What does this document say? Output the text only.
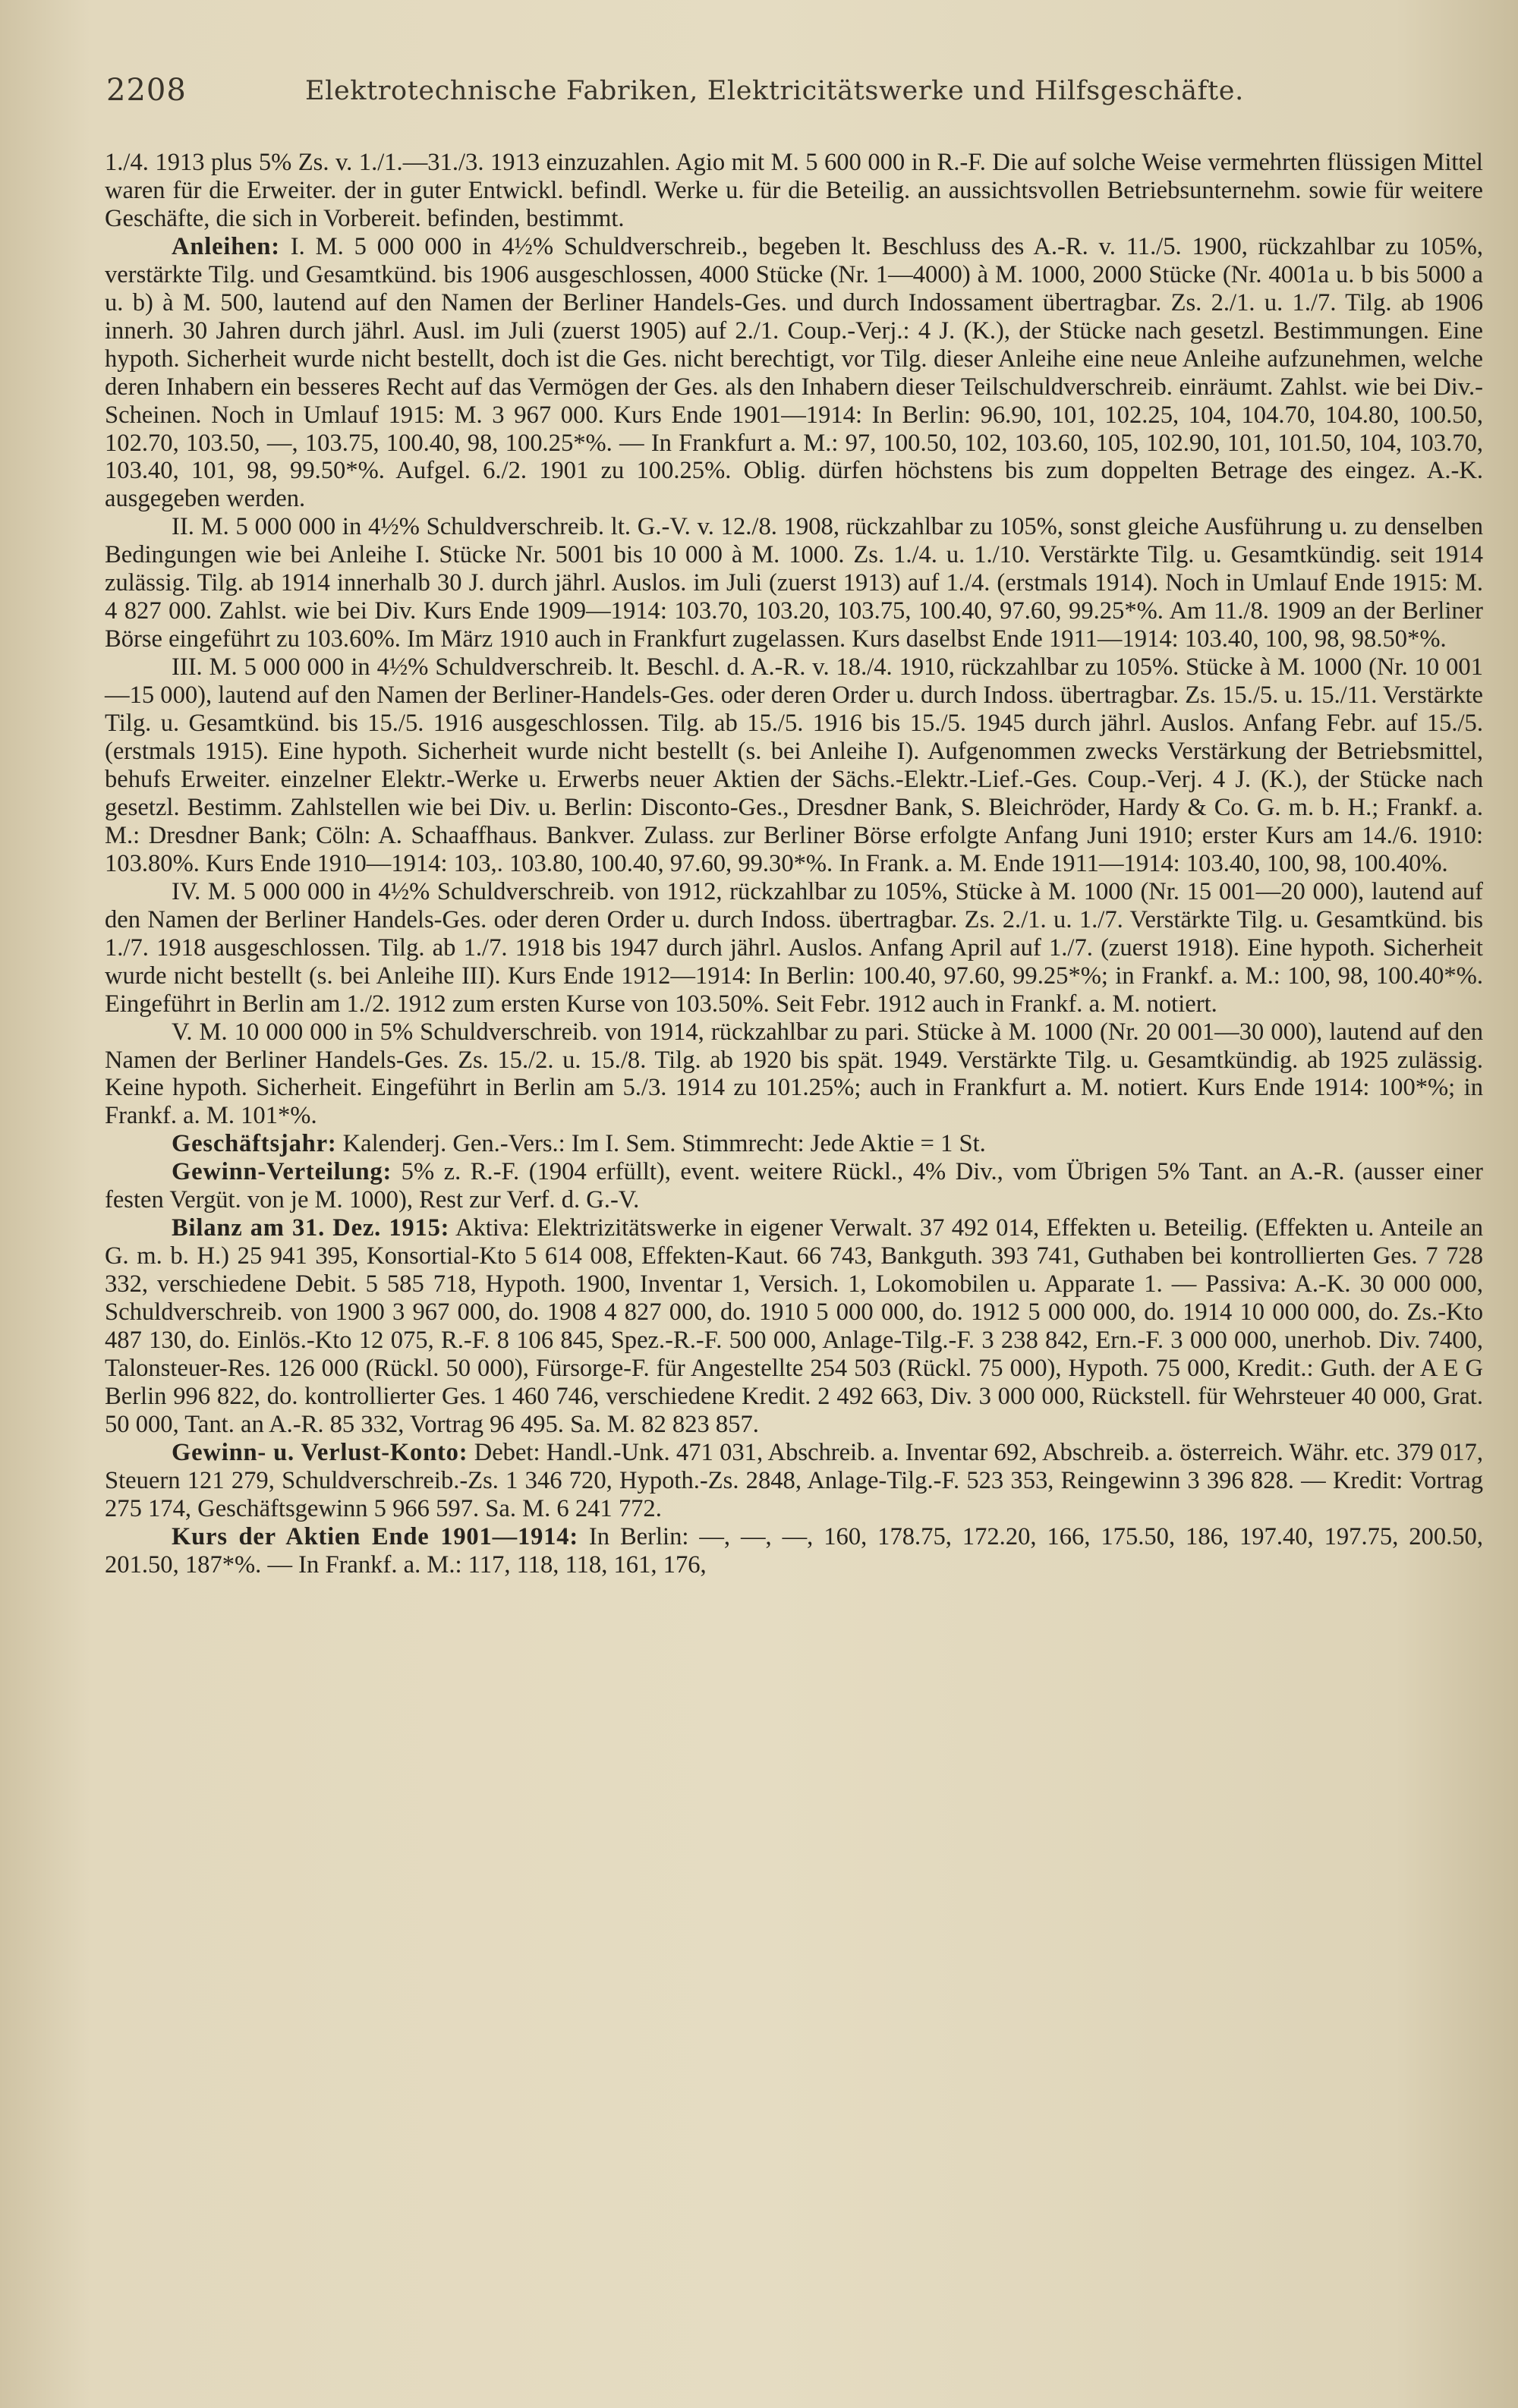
2208	Elektrotechnische Fabriken, Elektricitätswerke und Hilfsgeschäfte.

1./4. 1913 plus 5% Zs. v. 1./1.—31./3. 1913 einzuzahlen. Agio mit M. 5 600 000 in R.-F. Die auf solche Weise vermehrten flüssigen Mittel waren für die Erweiter. der in guter Entwickl. befindl. Werke u. für die Beteilig. an aussichtsvollen Betriebsunternehm. sowie für weitere Geschäfte, die sich in Vorbereit. befinden, bestimmt.

Anleihen: I. M. 5 000 000 in 4½% Schuldverschreib., begeben lt. Beschluss des A.-R. v. 11./5. 1900, rückzahlbar zu 105%, verstärkte Tilg. und Gesamtkünd. bis 1906 ausgeschlossen, 4000 Stücke (Nr. 1—4000) à M. 1000, 2000 Stücke (Nr. 4001a u. b bis 5000 a u. b) à M. 500, lautend auf den Namen der Berliner Handels-Ges. und durch Indossament übertragbar. Zs. 2./1. u. 1./7. Tilg. ab 1906 innerh. 30 Jahren durch jährl. Ausl. im Juli (zuerst 1905) auf 2./1. Coup.-Verj.: 4 J. (K.), der Stücke nach gesetzl. Bestimmungen. Eine hypoth. Sicherheit wurde nicht bestellt, doch ist die Ges. nicht berechtigt, vor Tilg. dieser Anleihe eine neue Anleihe aufzunehmen, welche deren Inhabern ein besseres Recht auf das Vermögen der Ges. als den Inhabern dieser Teilschuldverschreib. einräumt. Zahlst. wie bei Div.-Scheinen. Noch in Umlauf 1915: M. 3 967 000. Kurs Ende 1901—1914: In Berlin: 96.90, 101, 102.25, 104, 104.70, 104.80, 100.50, 102.70, 103.50, —, 103.75, 100.40, 98, 100.25*%. — In Frankfurt a. M.: 97, 100.50, 102, 103.60, 105, 102.90, 101, 101.50, 104, 103.70, 103.40, 101, 98, 99.50*%. Aufgel. 6./2. 1901 zu 100.25%. Oblig. dürfen höchstens bis zum doppelten Betrage des eingez. A.-K. ausgegeben werden.

II. M. 5 000 000 in 4½% Schuldverschreib. lt. G.-V. v. 12./8. 1908, rückzahlbar zu 105%, sonst gleiche Ausführung u. zu denselben Bedingungen wie bei Anleihe I. Stücke Nr. 5001 bis 10 000 à M. 1000. Zs. 1./4. u. 1./10. Verstärkte Tilg. u. Gesamtkündig. seit 1914 zulässig. Tilg. ab 1914 innerhalb 30 J. durch jährl. Auslos. im Juli (zuerst 1913) auf 1./4. (erstmals 1914). Noch in Umlauf Ende 1915: M. 4 827 000. Zahlst. wie bei Div. Kurs Ende 1909—1914: 103.70, 103.20, 103.75, 100.40, 97.60, 99.25*%. Am 11./8. 1909 an der Berliner Börse eingeführt zu 103.60%. Im März 1910 auch in Frankfurt zugelassen. Kurs daselbst Ende 1911—1914: 103.40, 100, 98, 98.50*%.

III. M. 5 000 000 in 4½% Schuldverschreib. lt. Beschl. d. A.-R. v. 18./4. 1910, rückzahlbar zu 105%. Stücke à M. 1000 (Nr. 10 001—15 000), lautend auf den Namen der Berliner-Handels-Ges. oder deren Order u. durch Indoss. übertragbar. Zs. 15./5. u. 15./11. Verstärkte Tilg. u. Gesamtkünd. bis 15./5. 1916 ausgeschlossen. Tilg. ab 15./5. 1916 bis 15./5. 1945 durch jährl. Auslos. Anfang Febr. auf 15./5. (erstmals 1915). Eine hypoth. Sicherheit wurde nicht bestellt (s. bei Anleihe I). Aufgenommen zwecks Verstärkung der Betriebsmittel, behufs Erweiter. einzelner Elektr.-Werke u. Erwerbs neuer Aktien der Sächs.-Elektr.-Lief.-Ges. Coup.-Verj. 4 J. (K.), der Stücke nach gesetzl. Bestimm. Zahlstellen wie bei Div. u. Berlin: Disconto-Ges., Dresdner Bank, S. Bleichröder, Hardy & Co. G. m. b. H.; Frankf. a. M.: Dresdner Bank; Cöln: A. Schaaffhaus. Bankver. Zulass. zur Berliner Börse erfolgte Anfang Juni 1910; erster Kurs am 14./6. 1910: 103.80%. Kurs Ende 1910—1914: 103,. 103.80, 100.40, 97.60, 99.30*%. In Frank. a. M. Ende 1911—1914: 103.40, 100, 98, 100.40%.

IV. M. 5 000 000 in 4½% Schuldverschreib. von 1912, rückzahlbar zu 105%, Stücke à M. 1000 (Nr. 15 001—20 000), lautend auf den Namen der Berliner Handels-Ges. oder deren Order u. durch Indoss. übertragbar. Zs. 2./1. u. 1./7. Verstärkte Tilg. u. Gesamtkünd. bis 1./7. 1918 ausgeschlossen. Tilg. ab 1./7. 1918 bis 1947 durch jährl. Auslos. Anfang April auf 1./7. (zuerst 1918). Eine hypoth. Sicherheit wurde nicht bestellt (s. bei Anleihe III). Kurs Ende 1912—1914: In Berlin: 100.40, 97.60, 99.25*%; in Frankf. a. M.: 100, 98, 100.40*%. Eingeführt in Berlin am 1./2. 1912 zum ersten Kurse von 103.50%. Seit Febr. 1912 auch in Frankf. a. M. notiert.

V. M. 10 000 000 in 5% Schuldverschreib. von 1914, rückzahlbar zu pari. Stücke à M. 1000 (Nr. 20 001—30 000), lautend auf den Namen der Berliner Handels-Ges. Zs. 15./2. u. 15./8. Tilg. ab 1920 bis spät. 1949. Verstärkte Tilg. u. Gesamtkündig. ab 1925 zulässig. Keine hypoth. Sicherheit. Eingeführt in Berlin am 5./3. 1914 zu 101.25%; auch in Frankfurt a. M. notiert. Kurs Ende 1914: 100*%; in Frankf. a. M. 101*%.

Geschäftsjahr: Kalenderj. Gen.-Vers.: Im I. Sem. Stimmrecht: Jede Aktie = 1 St.

Gewinn-Verteilung: 5% z. R.-F. (1904 erfüllt), event. weitere Rückl., 4% Div., vom Übrigen 5% Tant. an A.-R. (ausser einer festen Vergüt. von je M. 1000), Rest zur Verf. d. G.-V.

Bilanz am 31. Dez. 1915: Aktiva: Elektrizitätswerke in eigener Verwalt. 37 492 014, Effekten u. Beteilig. (Effekten u. Anteile an G. m. b. H.) 25 941 395, Konsortial-Kto 5 614 008, Effekten-Kaut. 66 743, Bankguth. 393 741, Guthaben bei kontrollierten Ges. 7 728 332, verschiedene Debit. 5 585 718, Hypoth. 1900, Inventar 1, Versich. 1, Lokomobilen u. Apparate 1. — Passiva: A.-K. 30 000 000, Schuldverschreib. von 1900 3 967 000, do. 1908 4 827 000, do. 1910 5 000 000, do. 1912 5 000 000, do. 1914 10 000 000, do. Zs.-Kto 487 130, do. Einlös.-Kto 12 075, R.-F. 8 106 845, Spez.-R.-F. 500 000, Anlage-Tilg.-F. 3 238 842, Ern.-F. 3 000 000, unerhob. Div. 7400, Talonsteuer-Res. 126 000 (Rückl. 50 000), Fürsorge-F. für Angestellte 254 503 (Rückl. 75 000), Hypoth. 75 000, Kredit.: Guth. der A E G Berlin 996 822, do. kontrollierter Ges. 1 460 746, verschiedene Kredit. 2 492 663, Div. 3 000 000, Rückstell. für Wehrsteuer 40 000, Grat. 50 000, Tant. an A.-R. 85 332, Vortrag 96 495. Sa. M. 82 823 857.

Gewinn- u. Verlust-Konto: Debet: Handl.-Unk. 471 031, Abschreib. a. Inventar 692, Abschreib. a. österreich. Währ. etc. 379 017, Steuern 121 279, Schuldverschreib.-Zs. 1 346 720, Hypoth.-Zs. 2848, Anlage-Tilg.-F. 523 353, Reingewinn 3 396 828. — Kredit: Vortrag 275 174, Geschäftsgewinn 5 966 597. Sa. M. 6 241 772.

Kurs der Aktien Ende 1901—1914: In Berlin: —, —, —, 160, 178.75, 172.20, 166, 175.50, 186, 197.40, 197.75, 200.50, 201.50, 187*%. — In Frankf. a. M.: 117, 118, 118, 161, 176,
